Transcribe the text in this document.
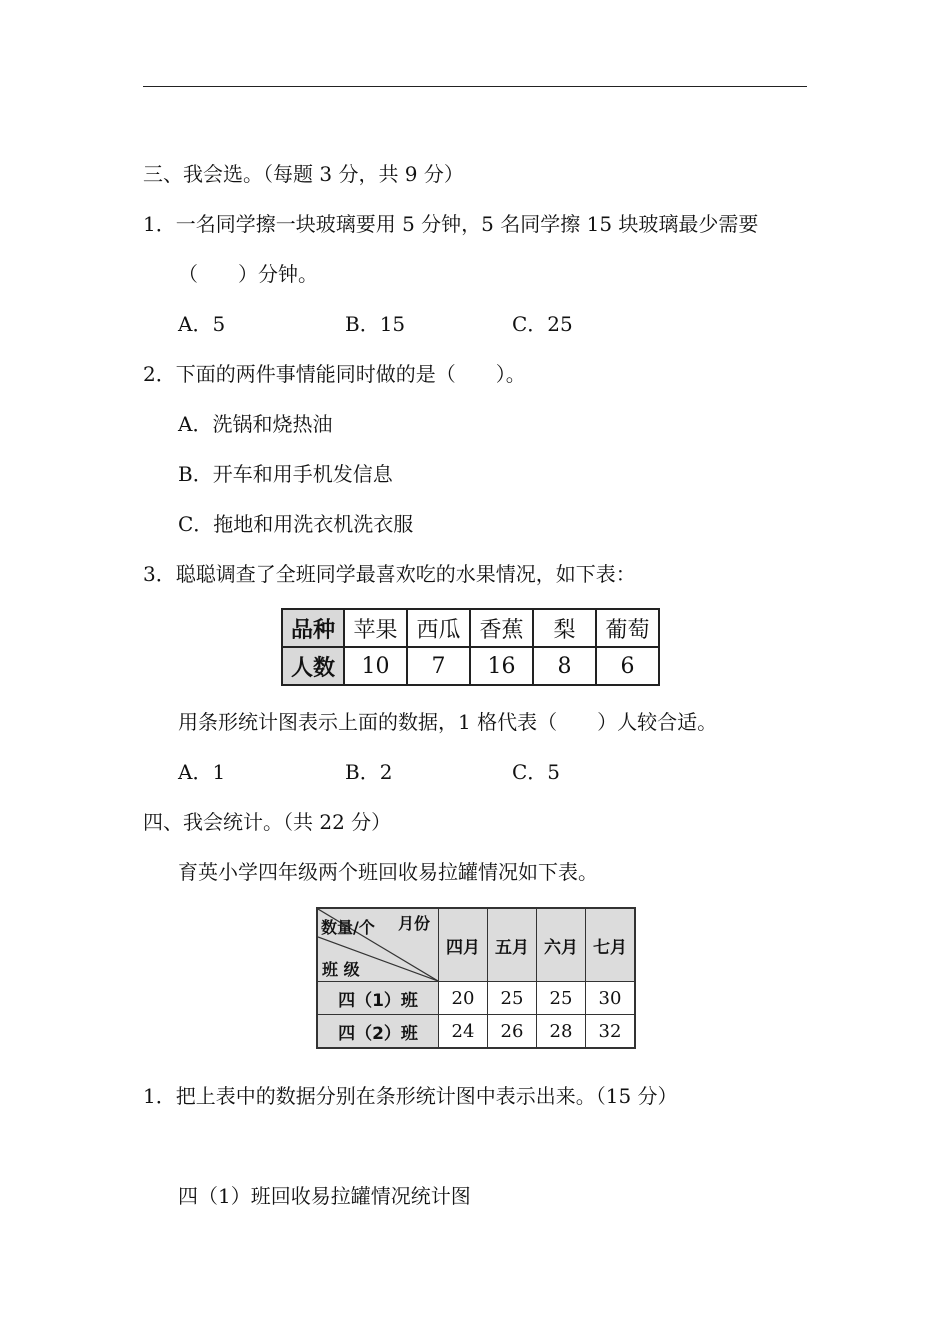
三、我会选。（每题 3 分，共 9 分）
1．一名同学擦一块玻璃要用 5 分钟，5 名同学擦 15 块玻璃最少需要
（　　）分钟。
A．5	B．15	C．25
2．下面的两件事情能同时做的是（　　）。
A．洗锅和烧热油
B．开车和用手机发信息
C．拖地和用洗衣机洗衣服
3．聪聪调查了全班同学最喜欢吃的水果情况，如下表：
品种	苹果	西瓜	香蕉	梨	葡萄
人数	10	7	16	8	6
用条形统计图表示上面的数据，1 格代表（　　）人较合适。
A．1	B．2	C．5
四、我会统计。（共 22 分）
育英小学四年级两个班回收易拉罐情况如下表。
数量/个 月份
班 级	四月	五月	六月	七月
四（1）班	20	25	25	30
四（2）班	24	26	28	32
1．把上表中的数据分别在条形统计图中表示出来。（15 分）
四（1）班回收易拉罐情况统计图
